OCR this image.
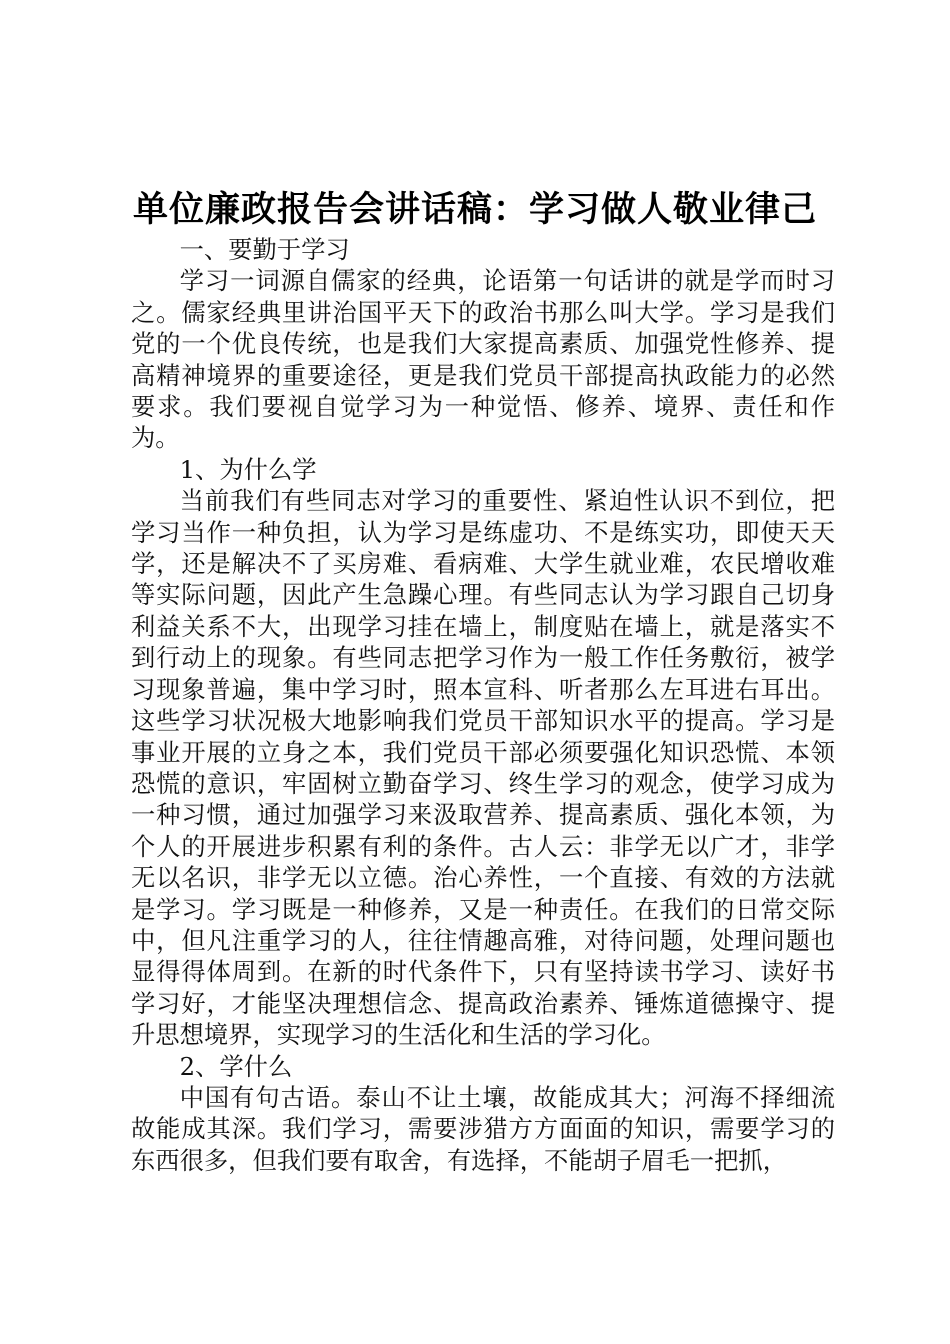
单位廉政报告会讲话稿：学习做人敬业律己

一、要勤于学习

学习一词源自儒家的经典，论语第一句话讲的就是学而时习之。儒家经典里讲治国平天下的政治书那么叫大学。学习是我们党的一个优良传统，也是我们大家提高素质、加强党性修养、提高精神境界的重要途径，更是我们党员干部提高执政能力的必然要求。我们要视自觉学习为一种觉悟、修养、境界、责任和作为。

1、为什么学

当前我们有些同志对学习的重要性、紧迫性认识不到位，把学习当作一种负担，认为学习是练虚功、不是练实功，即使天天学，还是解决不了买房难、看病难、大学生就业难，农民增收难等实际问题，因此产生急躁心理。有些同志认为学习跟自己切身利益关系不大，出现学习挂在墙上，制度贴在墙上，就是落实不到行动上的现象。有些同志把学习作为一般工作任务敷衍，被学习现象普遍，集中学习时，照本宣科、听者那么左耳进右耳出。这些学习状况极大地影响我们党员干部知识水平的提高。学习是事业开展的立身之本，我们党员干部必须要强化知识恐慌、本领恐慌的意识，牢固树立勤奋学习、终生学习的观念，使学习成为一种习惯，通过加强学习来汲取营养、提高素质、强化本领，为个人的开展进步积累有利的条件。古人云：非学无以广才，非学无以名识，非学无以立德。治心养性，一个直接、有效的方法就是学习。学习既是一种修养，又是一种责任。在我们的日常交际中，但凡注重学习的人，往往情趣高雅，对待问题，处理问题也显得得体周到。在新的时代条件下，只有坚持读书学习、读好书学习好，才能坚决理想信念、提高政治素养、锤炼道德操守、提升思想境界，实现学习的生活化和生活的学习化。

2、学什么

中国有句古语。泰山不让土壤，故能成其大；河海不择细流故能成其深。我们学习，需要涉猎方方面面的知识，需要学习的东西很多，但我们要有取舍，有选择，不能胡子眉毛一把抓，
